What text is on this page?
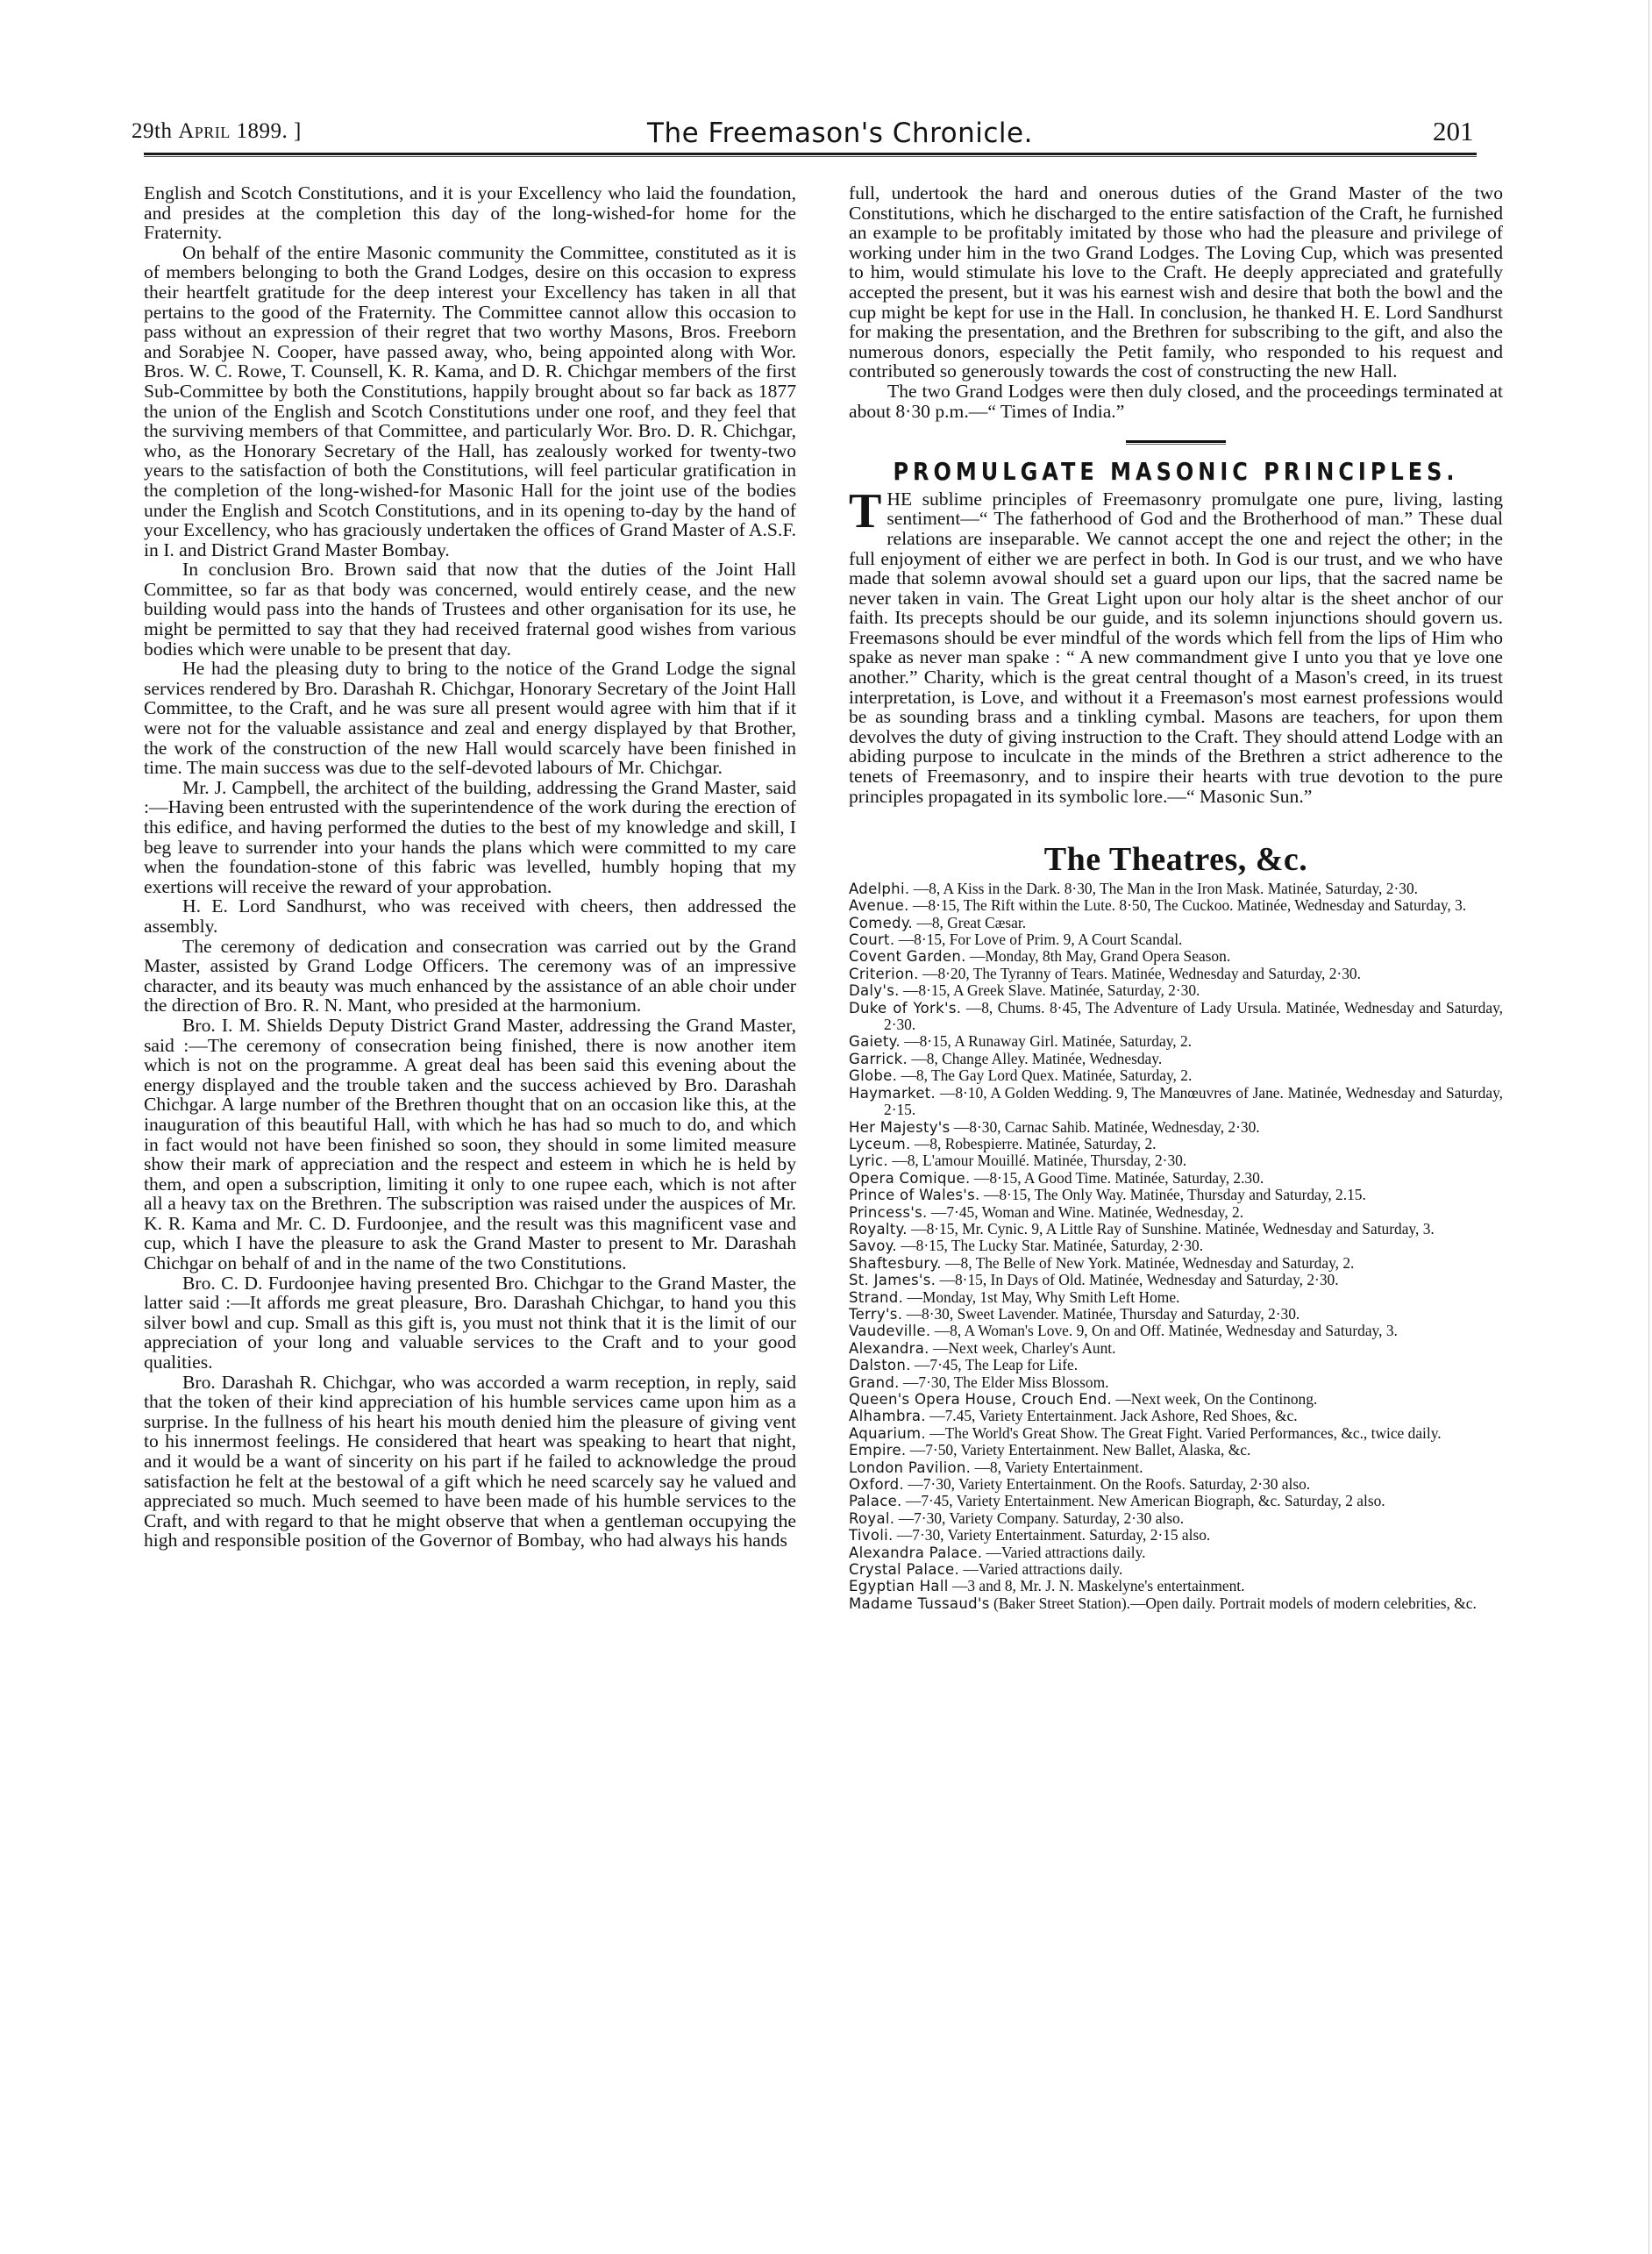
29th April 1899. ]	The Freemason's Chronicle.	201

English and Scotch Constitutions, and it is your Excellency who laid the foundation, and presides at the completion this day of the long-wished-for home for the Fraternity.

On behalf of the entire Masonic community the Committee, constituted as it is of members belonging to both the Grand Lodges, desire on this occasion to express their heartfelt gratitude for the deep interest your Excellency has taken in all that pertains to the good of the Fraternity. The Committee cannot allow this occasion to pass without an expression of their regret that two worthy Masons, Bros. Freeborn and Sorabjee N. Cooper, have passed away, who, being appointed along with Wor. Bros. W. C. Rowe, T. Counsell, K. R. Kama, and D. R. Chichgar members of the first Sub-Committee by both the Constitutions, happily brought about so far back as 1877 the union of the English and Scotch Constitutions under one roof, and they feel that the surviving members of that Committee, and particularly Wor. Bro. D. R. Chichgar, who, as the Honorary Secretary of the Hall, has zealously worked for twenty-two years to the satisfaction of both the Constitutions, will feel particular gratification in the completion of the long-wished-for Masonic Hall for the joint use of the bodies under the English and Scotch Constitutions, and in its opening to-day by the hand of your Excellency, who has graciously undertaken the offices of Grand Master of A.S.F. in I. and District Grand Master Bombay.

In conclusion Bro. Brown said that now that the duties of the Joint Hall Committee, so far as that body was concerned, would entirely cease, and the new building would pass into the hands of Trustees and other organisation for its use, he might be permitted to say that they had received fraternal good wishes from various bodies which were unable to be present that day.

He had the pleasing duty to bring to the notice of the Grand Lodge the signal services rendered by Bro. Darashah R. Chichgar, Honorary Secretary of the Joint Hall Committee, to the Craft, and he was sure all present would agree with him that if it were not for the valuable assistance and zeal and energy displayed by that Brother, the work of the construction of the new Hall would scarcely have been finished in time. The main success was due to the self-devoted labours of Mr. Chichgar.

Mr. J. Campbell, the architect of the building, addressing the Grand Master, said :—Having been entrusted with the superintendence of the work during the erection of this edifice, and having performed the duties to the best of my knowledge and skill, I beg leave to surrender into your hands the plans which were committed to my care when the foundation-stone of this fabric was levelled, humbly hoping that my exertions will receive the reward of your approbation.

H. E. Lord Sandhurst, who was received with cheers, then addressed the assembly.

The ceremony of dedication and consecration was carried out by the Grand Master, assisted by Grand Lodge Officers. The ceremony was of an impressive character, and its beauty was much enhanced by the assistance of an able choir under the direction of Bro. R. N. Mant, who presided at the harmonium.

Bro. I. M. Shields Deputy District Grand Master, addressing the Grand Master, said :—The ceremony of consecration being finished, there is now another item which is not on the programme. A great deal has been said this evening about the energy displayed and the trouble taken and the success achieved by Bro. Darashah Chichgar. A large number of the Brethren thought that on an occasion like this, at the inauguration of this beautiful Hall, with which he has had so much to do, and which in fact would not have been finished so soon, they should in some limited measure show their mark of appreciation and the respect and esteem in which he is held by them, and open a subscription, limiting it only to one rupee each, which is not after all a heavy tax on the Brethren. The subscription was raised under the auspices of Mr. K. R. Kama and Mr. C. D. Furdoonjee, and the result was this magnificent vase and cup, which I have the pleasure to ask the Grand Master to present to Mr. Darashah Chichgar on behalf of and in the name of the two Constitutions.

Bro. C. D. Furdoonjee having presented Bro. Chichgar to the Grand Master, the latter said :—It affords me great pleasure, Bro. Darashah Chichgar, to hand you this silver bowl and cup. Small as this gift is, you must not think that it is the limit of our appreciation of your long and valuable services to the Craft and to your good qualities.

Bro. Darashah R. Chichgar, who was accorded a warm reception, in reply, said that the token of their kind appreciation of his humble services came upon him as a surprise. In the fullness of his heart his mouth denied him the pleasure of giving vent to his innermost feelings. He considered that heart was speaking to heart that night, and it would be a want of sincerity on his part if he failed to acknowledge the proud satisfaction he felt at the bestowal of a gift which he need scarcely say he valued and appreciated so much. Much seemed to have been made of his humble services to the Craft, and with regard to that he might observe that when a gentleman occupying the high and responsible position of the Governor of Bombay, who had always his hands

full, undertook the hard and onerous duties of the Grand Master of the two Constitutions, which he discharged to the entire satisfaction of the Craft, he furnished an example to be profitably imitated by those who had the pleasure and privilege of working under him in the two Grand Lodges. The Loving Cup, which was presented to him, would stimulate his love to the Craft. He deeply appreciated and gratefully accepted the present, but it was his earnest wish and desire that both the bowl and the cup might be kept for use in the Hall. In conclusion, he thanked H. E. Lord Sandhurst for making the presentation, and the Brethren for subscribing to the gift, and also the numerous donors, especially the Petit family, who responded to his request and contributed so generously towards the cost of constructing the new Hall.

The two Grand Lodges were then duly closed, and the proceedings terminated at about 8·30 p.m.—“ Times of India.”

PROMULGATE MASONIC PRINCIPLES.

THE sublime principles of Freemasonry promulgate one pure, living, lasting sentiment—“ The fatherhood of God and the Brotherhood of man.” These dual relations are inseparable. We cannot accept the one and reject the other; in the full enjoyment of either we are perfect in both. In God is our trust, and we who have made that solemn avowal should set a guard upon our lips, that the sacred name be never taken in vain. The Great Light upon our holy altar is the sheet anchor of our faith. Its precepts should be our guide, and its solemn injunctions should govern us. Freemasons should be ever mindful of the words which fell from the lips of Him who spake as never man spake : “ A new commandment give I unto you that ye love one another.” Charity, which is the great central thought of a Mason's creed, in its truest interpretation, is Love, and without it a Freemason's most earnest professions would be as sounding brass and a tinkling cymbal. Masons are teachers, for upon them devolves the duty of giving instruction to the Craft. They should attend Lodge with an abiding purpose to inculcate in the minds of the Brethren a strict adherence to the tenets of Freemasonry, and to inspire their hearts with true devotion to the pure principles propagated in its symbolic lore.—“ Masonic Sun.”

The Theatres, &c.

Adelphi. —8, A Kiss in the Dark. 8·30, The Man in the Iron Mask. Matinée, Saturday, 2·30.

Avenue. —8·15, The Rift within the Lute. 8·50, The Cuckoo. Matinée, Wednesday and Saturday, 3.

Comedy. —8, Great Cæsar.

Court. —8·15, For Love of Prim. 9, A Court Scandal.

Covent Garden. —Monday, 8th May, Grand Opera Season.

Criterion. —8·20, The Tyranny of Tears. Matinée, Wednesday and Saturday, 2·30.

Daly's. —8·15, A Greek Slave. Matinée, Saturday, 2·30.

Duke of York's. —8, Chums. 8·45, The Adventure of Lady Ursula. Matinée, Wednesday and Saturday, 2·30.

Gaiety. —8·15, A Runaway Girl. Matinée, Saturday, 2.

Garrick. —8, Change Alley. Matinée, Wednesday.

Globe. —8, The Gay Lord Quex. Matinée, Saturday, 2.

Haymarket. —8·10, A Golden Wedding. 9, The Manœuvres of Jane. Matinée, Wednesday and Saturday, 2·15.

Her Majesty's —8·30, Carnac Sahib. Matinée, Wednesday, 2·30.

Lyceum. —8, Robespierre. Matinée, Saturday, 2.

Lyric. —8, L'amour Mouillé. Matinée, Thursday, 2·30.

Opera Comique. —8·15, A Good Time. Matinée, Saturday, 2.30.

Prince of Wales's. —8·15, The Only Way. Matinée, Thursday and Saturday, 2.15.

Princess's. —7·45, Woman and Wine. Matinée, Wednesday, 2.

Royalty. —8·15, Mr. Cynic. 9, A Little Ray of Sunshine. Matinée, Wednesday and Saturday, 3.

Savoy. —8·15, The Lucky Star. Matinée, Saturday, 2·30.

Shaftesbury. —8, The Belle of New York. Matinée, Wednesday and Saturday, 2.

St. James's. —8·15, In Days of Old. Matinée, Wednesday and Saturday, 2·30.

Strand. —Monday, 1st May, Why Smith Left Home.

Terry's. —8·30, Sweet Lavender. Matinée, Thursday and Saturday, 2·30.

Vaudeville. —8, A Woman's Love. 9, On and Off. Matinée, Wednesday and Saturday, 3.

Alexandra. —Next week, Charley's Aunt.

Dalston. —7·45, The Leap for Life.

Grand. —7·30, The Elder Miss Blossom.

Queen's Opera House, Crouch End. —Next week, On the Continong.

Alhambra. —7.45, Variety Entertainment. Jack Ashore, Red Shoes, &c.

Aquarium. —The World's Great Show. The Great Fight. Varied Performances, &c., twice daily.

Empire. —7·50, Variety Entertainment. New Ballet, Alaska, &c.

London Pavilion. —8, Variety Entertainment.

Oxford. —7·30, Variety Entertainment. On the Roofs. Saturday, 2·30 also.

Palace. —7·45, Variety Entertainment. New American Biograph, &c. Saturday, 2 also.

Royal. —7·30, Variety Company. Saturday, 2·30 also.

Tivoli. —7·30, Variety Entertainment. Saturday, 2·15 also.

Alexandra Palace. —Varied attractions daily.

Crystal Palace. —Varied attractions daily.

Egyptian Hall —3 and 8, Mr. J. N. Maskelyne's entertainment.

Madame Tussaud's (Baker Street Station).—Open daily. Portrait models of modern celebrities, &c.
